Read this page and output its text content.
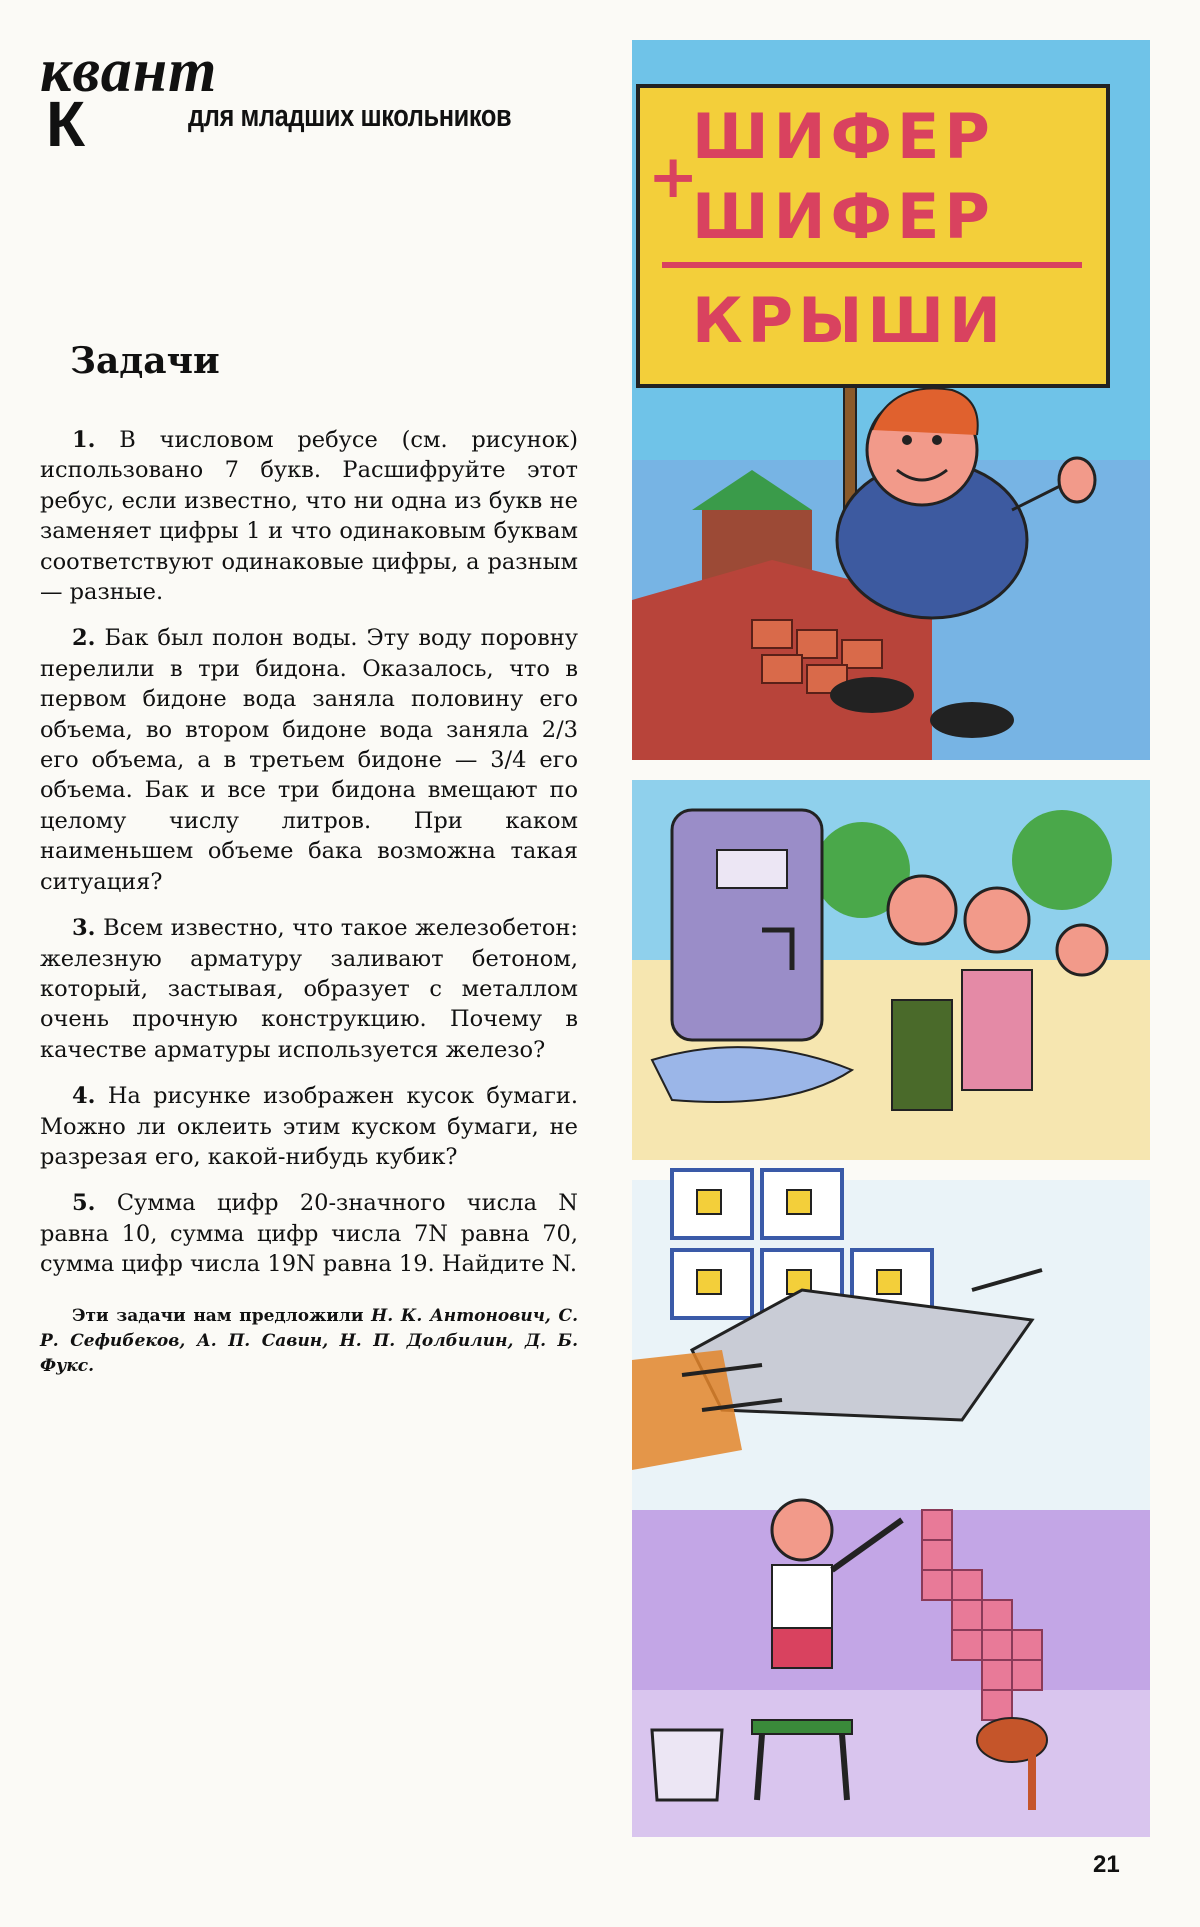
квант
К	для младших школьников
Задачи

1. В числовом ребусе (см. рисунок) использовано 7 букв. Расшифруйте этот ребус, если известно, что ни одна из букв не заменяет цифры 1 и что одинаковым буквам соответствуют одинаковые цифры, а разным — разные.

2. Бак был полон воды. Эту воду поровну перелили в три бидона. Оказалось, что в первом бидоне вода заняла половину его объема, во втором бидоне вода заняла 2/3 его объема, а в третьем бидоне — 3/4 его объема. Бак и все три бидона вмещают по целому числу литров. При каком наименьшем объеме бака возможна такая ситуация?

3. Всем известно, что такое железобетон: железную арматуру заливают бетоном, который, застывая, образует с металлом очень прочную конструкцию. Почему в качестве арматуры используется железо?

4. На рисунке изображен кусок бумаги. Можно ли оклеить этим куском бумаги, не разрезая его, какой-нибудь кубик?

5. Сумма цифр 20-значного числа N равна 10, сумма цифр числа 7N равна 70, сумма цифр числа 19N равна 19. Найдите N.

Эти задачи нам предложили Н. К. Антонович, С. Р. Сефибеков, А. П. Савин, Н. П. Долбилин, Д. Б. Фукс.

+
ШИФЕР
ШИФЕР
КРЫШИ
21
